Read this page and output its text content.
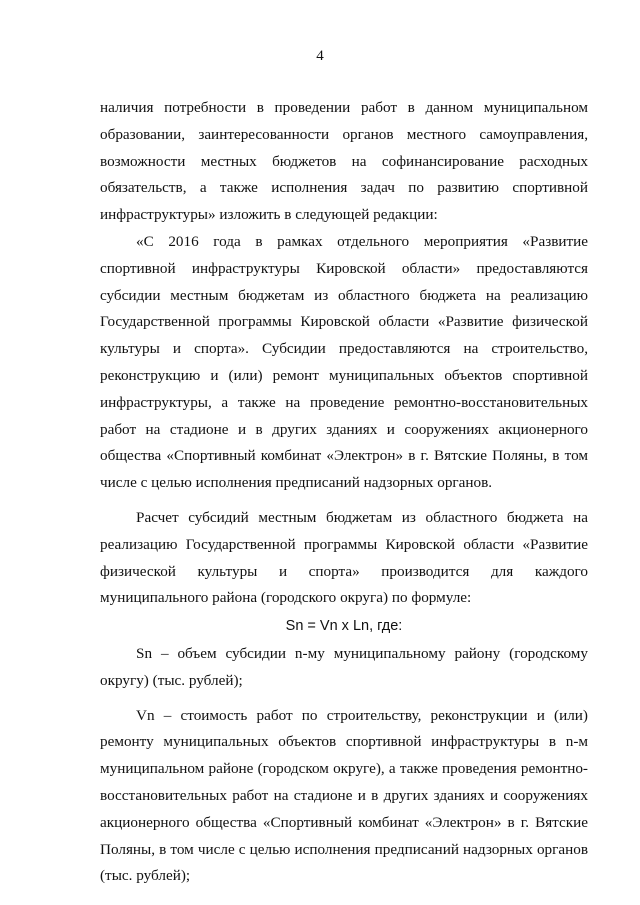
4

наличия потребности в проведении работ в данном муниципальном образовании, заинтересованности органов местного самоуправления, возможности местных бюджетов на софинансирование расходных обязательств, а также исполнения задач по развитию спортивной инфраструктуры» изложить в следующей редакции:

«С 2016 года в рамках отдельного мероприятия «Развитие спортивной инфраструктуры Кировской области» предоставляются субсидии местным бюджетам из областного бюджета на реализацию Государственной программы Кировской области «Развитие физической культуры и спорта». Субсидии предоставляются на строительство, реконструкцию и (или) ремонт муниципальных объектов спортивной инфраструктуры, а также на проведение ремонтно-восстановительных работ на стадионе и в других зданиях и сооружениях акционерного общества «Спортивный комбинат «Электрон» в г. Вятские Поляны, в том числе с целью исполнения предписаний надзорных органов.

Расчет субсидий местным бюджетам из областного бюджета на реализацию Государственной программы Кировской области «Развитие физической культуры и спорта» производится для каждого муниципального района (городского округа) по формуле:

Sn = Vn x Ln, где:

Sn – объем субсидии n-му муниципальному району (городскому округу) (тыс. рублей);

Vn – стоимость работ по строительству, реконструкции и (или) ремонту муниципальных объектов спортивной инфраструктуры в n-м муниципальном районе (городском округе), а также проведения ремонтно-восстановительных работ на стадионе и в других зданиях и сооружениях акционерного общества «Спортивный комбинат «Электрон» в г. Вятские Поляны, в том числе с целью исполнения предписаний надзорных органов (тыс. рублей);
